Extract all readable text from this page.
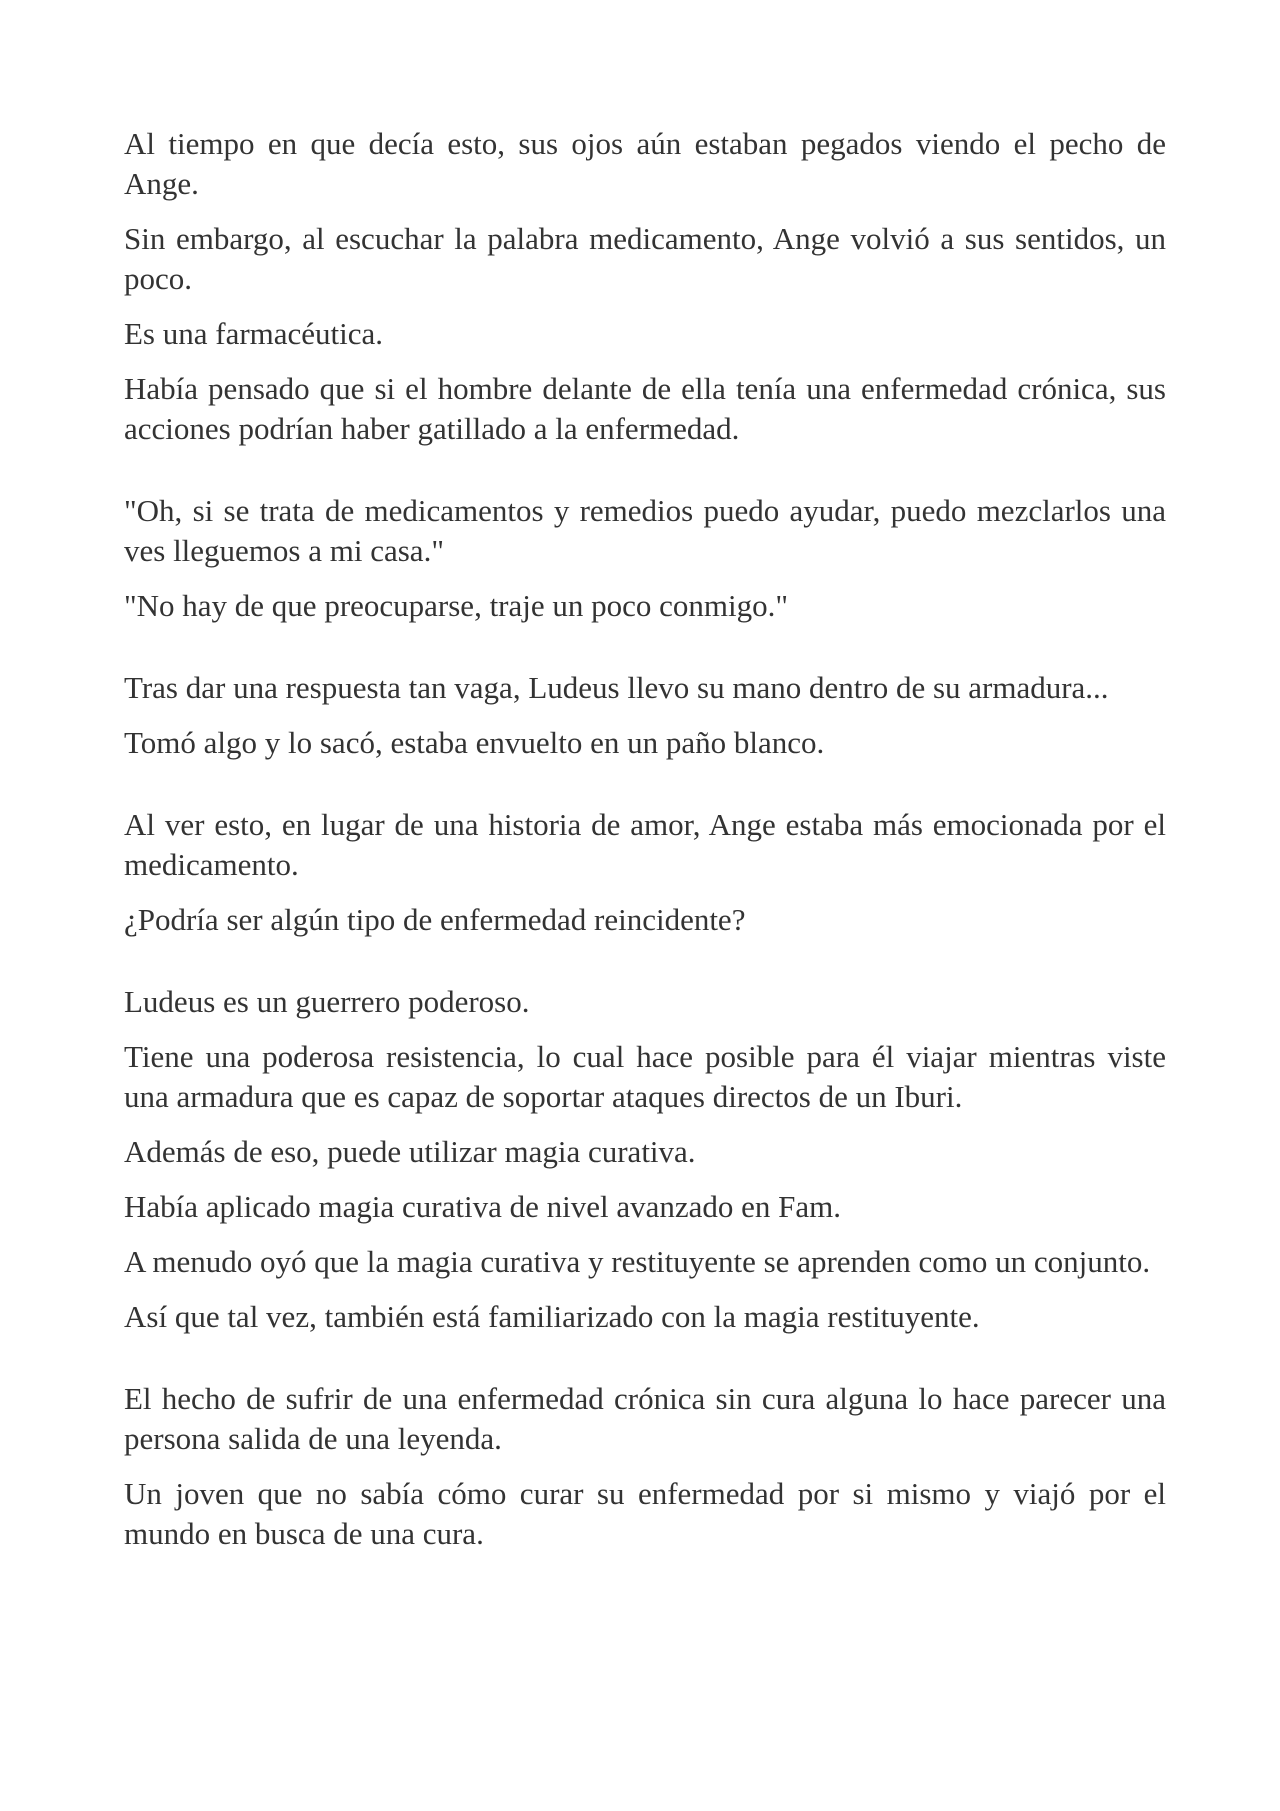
Al tiempo en que decía esto, sus ojos aún estaban pegados viendo el pecho de Ange.

Sin embargo, al escuchar la palabra medicamento, Ange volvió a sus sentidos, un poco.

Es una farmacéutica.

Había pensado que si el hombre delante de ella tenía una enfermedad crónica, sus acciones podrían haber gatillado a la enfermedad.

"Oh, si se trata de medicamentos y remedios puedo ayudar, puedo mezclarlos una ves lleguemos a mi casa."

"No hay de que preocuparse, traje un poco conmigo."

Tras dar una respuesta tan vaga, Ludeus llevo su mano dentro de su armadura...

Tomó algo y lo sacó, estaba envuelto en un paño blanco.

Al ver esto, en lugar de una historia de amor, Ange estaba más emocionada por el medicamento.

¿Podría ser algún tipo de enfermedad reincidente?

Ludeus es un guerrero poderoso.

Tiene una poderosa resistencia, lo cual hace posible para él viajar mientras viste una armadura que es capaz de soportar ataques directos de un Iburi.

Además de eso, puede utilizar magia curativa.

Había aplicado magia curativa de nivel avanzado en Fam.

A menudo oyó que la magia curativa y restituyente se aprenden como un conjunto.

Así que tal vez, también está familiarizado con la magia restituyente.

El hecho de sufrir de una enfermedad crónica sin cura alguna lo hace parecer una persona salida de una leyenda.

Un joven que no sabía cómo curar su enfermedad por si mismo y viajó por el mundo en busca de una cura.
